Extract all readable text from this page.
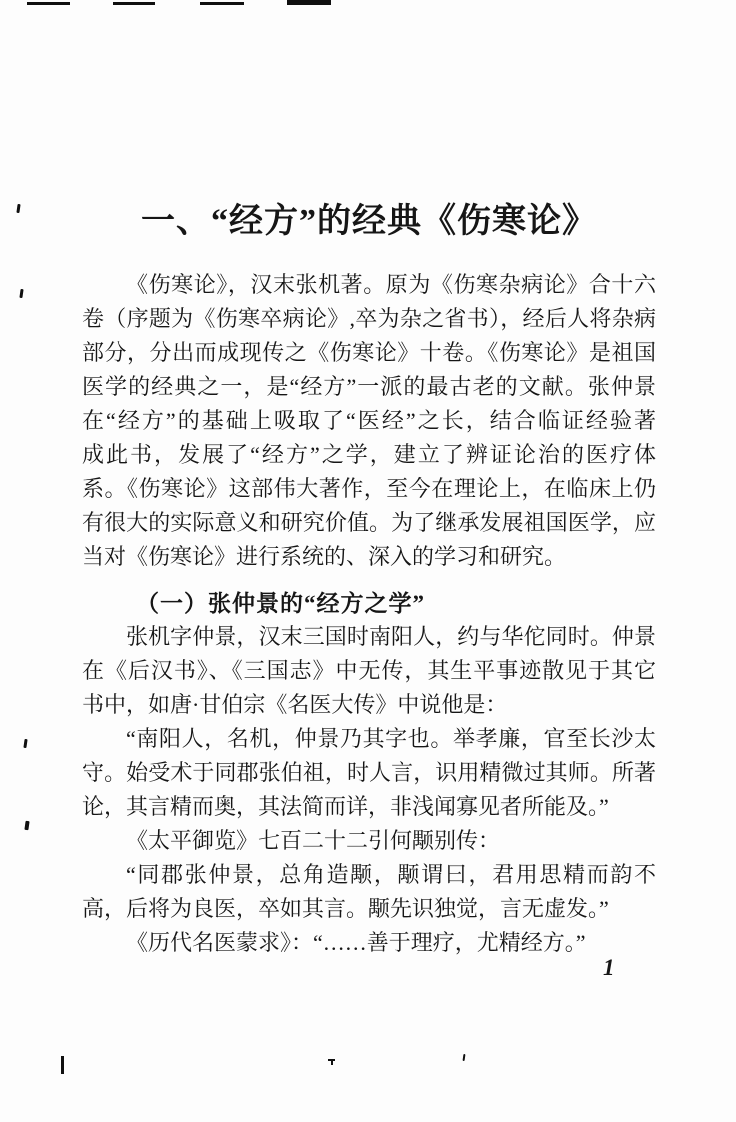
一、“经方”的经典《伤寒论》
《伤寒论》，汉末张机著。原为《伤寒杂病论》合十六
卷（序题为《伤寒卒病论》,卒为杂之省书），经后人将杂病
部分，分出而成现传之《伤寒论》十卷。《伤寒论》是祖国
医学的经典之一，是“经方”一派的最古老的文献。张仲景
在“经方”的基础上吸取了“医经”之长，结合临证经验著
成此书，发展了“经方”之学，建立了辨证论治的医疗体
系。《伤寒论》这部伟大著作，至今在理论上，在临床上仍
有很大的实际意义和研究价值。为了继承发展祖国医学，应
当对《伤寒论》进行系统的、深入的学习和研究。
（一）张仲景的“经方之学”
张机字仲景，汉末三国时南阳人，约与华佗同时。仲景
在《后汉书》、《三国志》中无传，其生平事迹散见于其它
书中，如唐·甘伯宗《名医大传》中说他是：
“南阳人，名机，仲景乃其字也。举孝廉，官至长沙太
守。始受术于同郡张伯祖，时人言，识用精微过其师。所著
论，其言精而奥，其法简而详，非浅闻寡见者所能及。”
《太平御览》七百二十二引何颙别传：
“同郡张仲景，总角造颙，颙谓曰，君用思精而韵不
高，后将为良医，卒如其言。颙先识独觉，言无虚发。”
《历代名医蒙求》：“……善于理疗，尤精经方。”
1
